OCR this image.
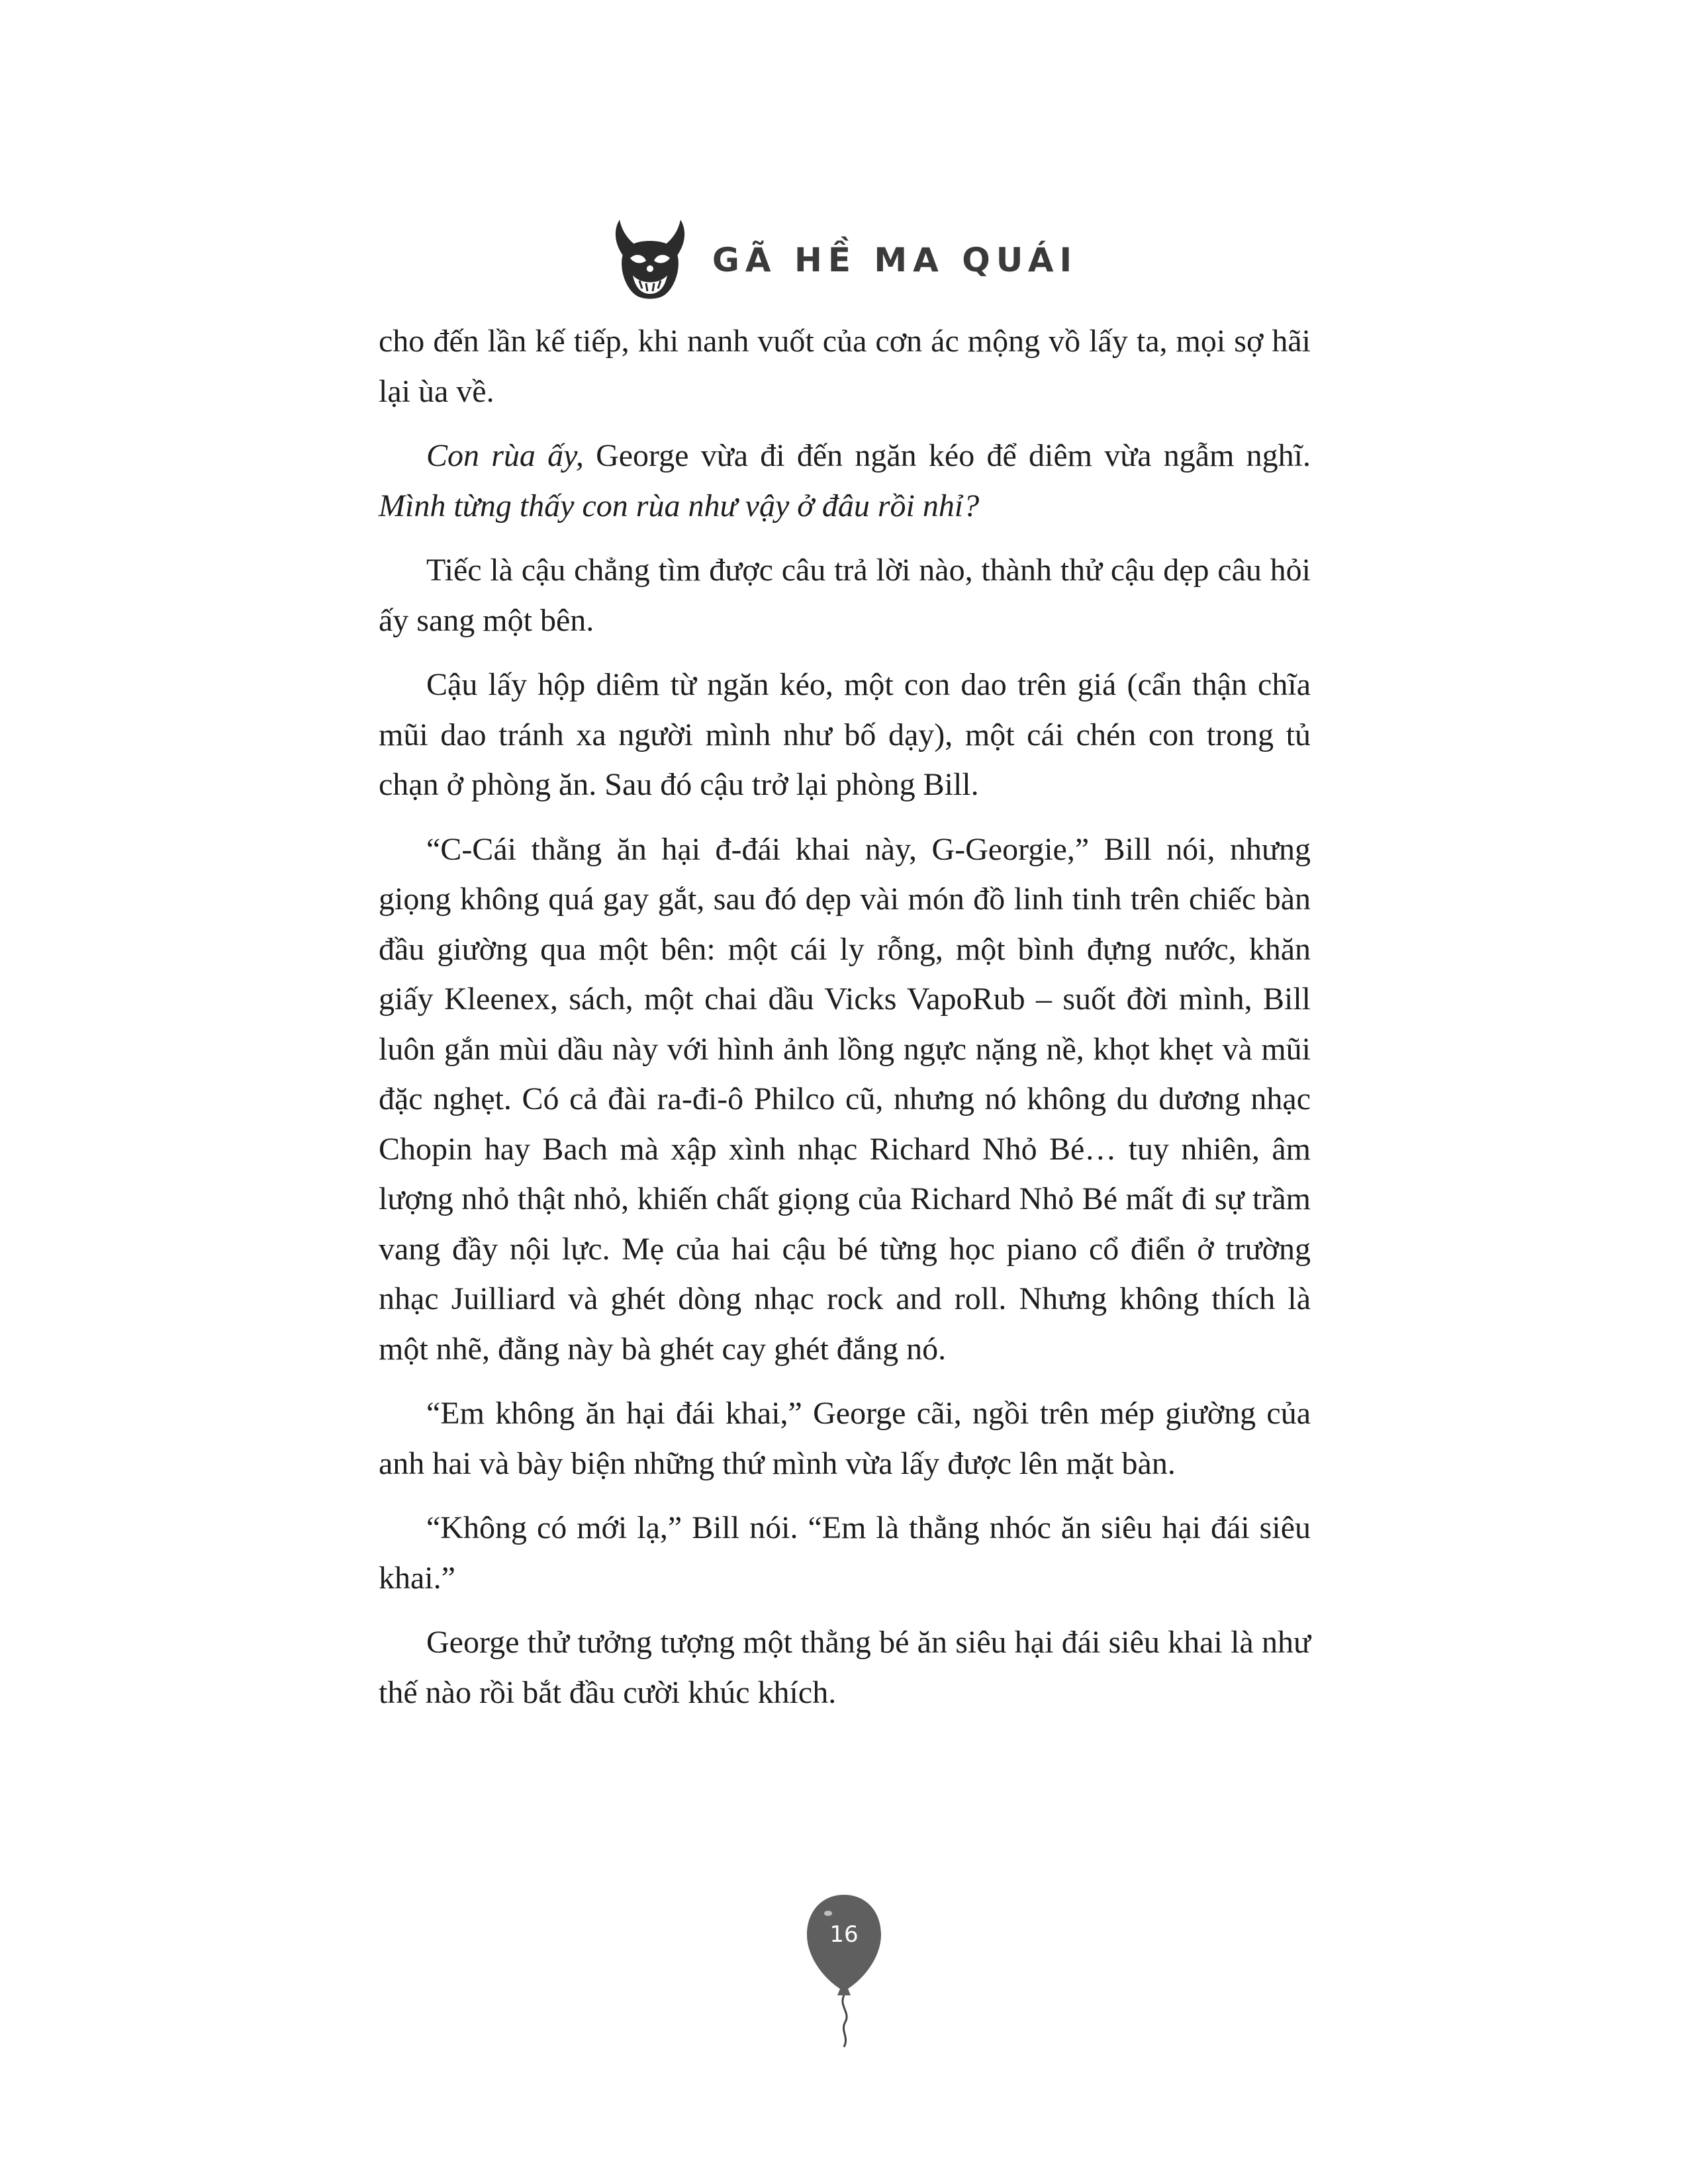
GÃ HỀ MA QUÁI

cho đến lần kế tiếp, khi nanh vuốt của cơn ác mộng vồ lấy ta, mọi sợ hãi lại ùa về.

Con rùa ấy, George vừa đi đến ngăn kéo để diêm vừa ngẫm nghĩ. Mình từng thấy con rùa như vậy ở đâu rồi nhỉ?

Tiếc là cậu chẳng tìm được câu trả lời nào, thành thử cậu dẹp câu hỏi ấy sang một bên.

Cậu lấy hộp diêm từ ngăn kéo, một con dao trên giá (cẩn thận chĩa mũi dao tránh xa người mình như bố dạy), một cái chén con trong tủ chạn ở phòng ăn. Sau đó cậu trở lại phòng Bill.

“C-Cái thằng ăn hại đ-đái khai này, G-Georgie,” Bill nói, nhưng giọng không quá gay gắt, sau đó dẹp vài món đồ linh tinh trên chiếc bàn đầu giường qua một bên: một cái ly rỗng, một bình đựng nước, khăn giấy Kleenex, sách, một chai dầu Vicks VapoRub – suốt đời mình, Bill luôn gắn mùi dầu này với hình ảnh lồng ngực nặng nề, khọt khẹt và mũi đặc nghẹt. Có cả đài ra-đi-ô Philco cũ, nhưng nó không du dương nhạc Chopin hay Bach mà xập xình nhạc Richard Nhỏ Bé… tuy nhiên, âm lượng nhỏ thật nhỏ, khiến chất giọng của Richard Nhỏ Bé mất đi sự trầm vang đầy nội lực. Mẹ của hai cậu bé từng học piano cổ điển ở trường nhạc Juilliard và ghét dòng nhạc rock and roll. Nhưng không thích là một nhẽ, đằng này bà ghét cay ghét đắng nó.

“Em không ăn hại đái khai,” George cãi, ngồi trên mép giường của anh hai và bày biện những thứ mình vừa lấy được lên mặt bàn.

“Không có mới lạ,” Bill nói. “Em là thằng nhóc ăn siêu hại đái siêu khai.”

George thử tưởng tượng một thằng bé ăn siêu hại đái siêu khai là như thế nào rồi bắt đầu cười khúc khích.

16
